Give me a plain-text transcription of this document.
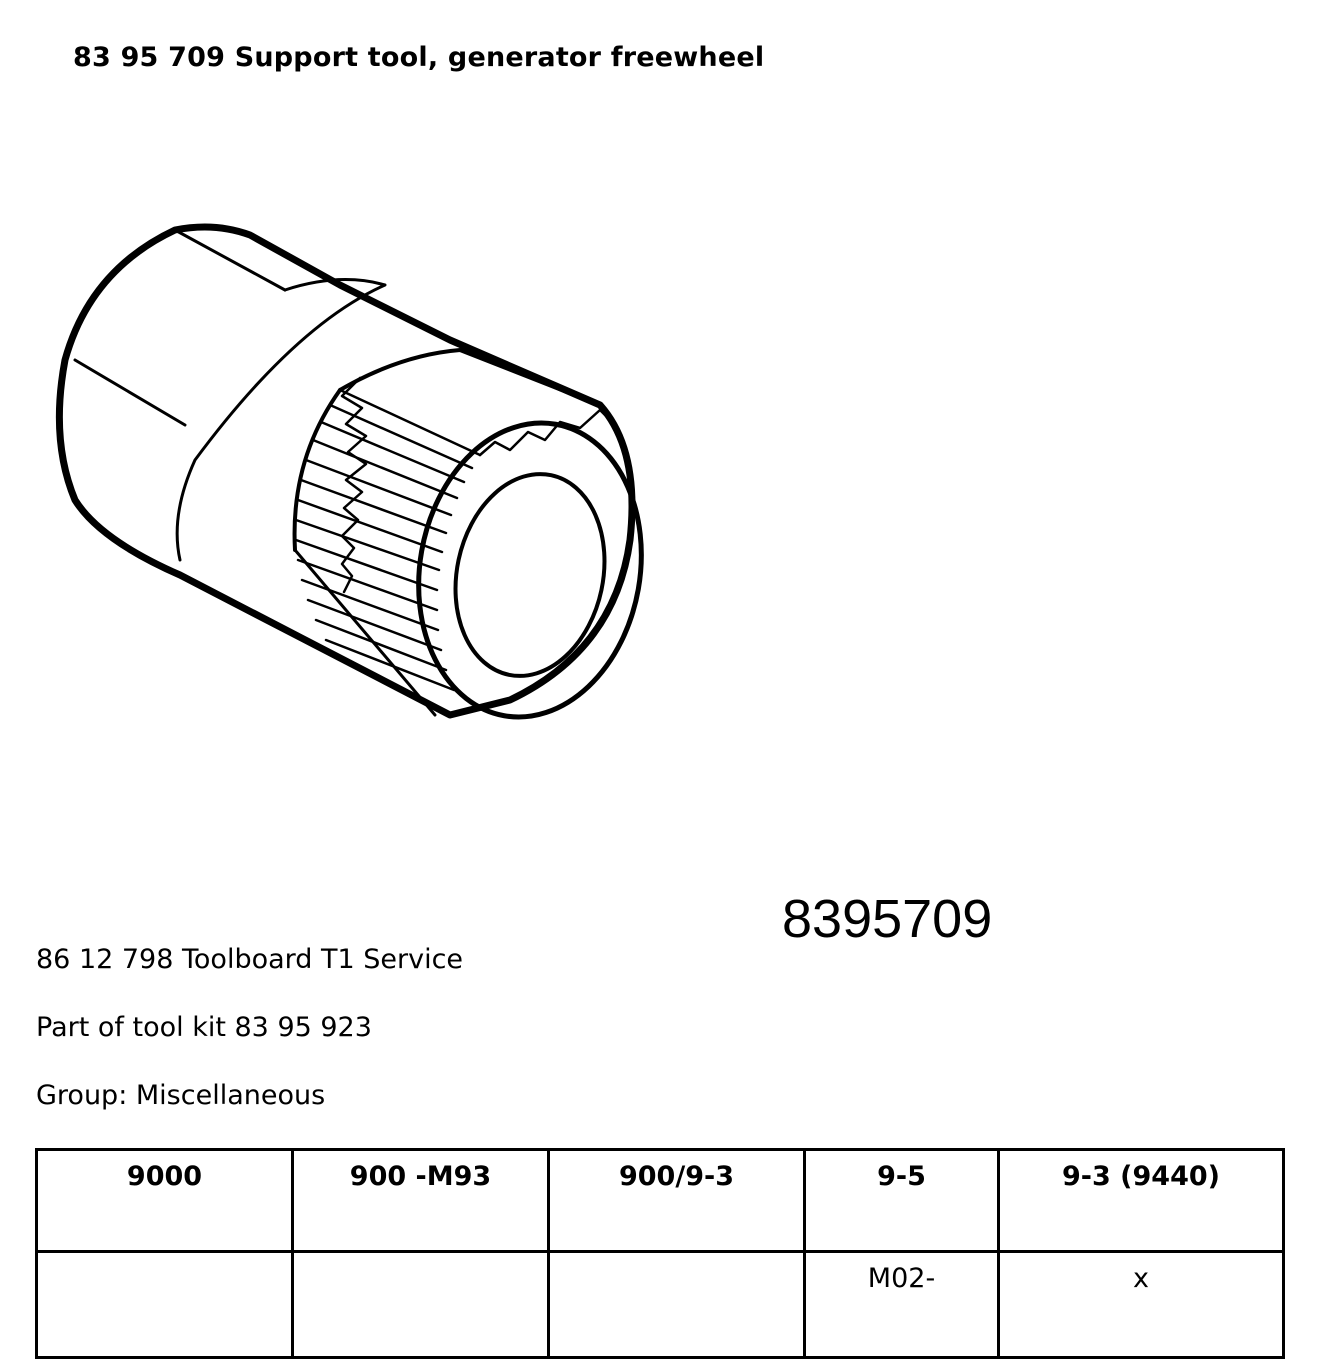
83 95 709 Support tool, generator freewheel
8395709
86 12 798 Toolboard T1 Service
Part of tool kit 83 95 923
Group: Miscellaneous
9000	900 -M93	900/9-3	9-5	9-3 (9440)
			M02-	x
